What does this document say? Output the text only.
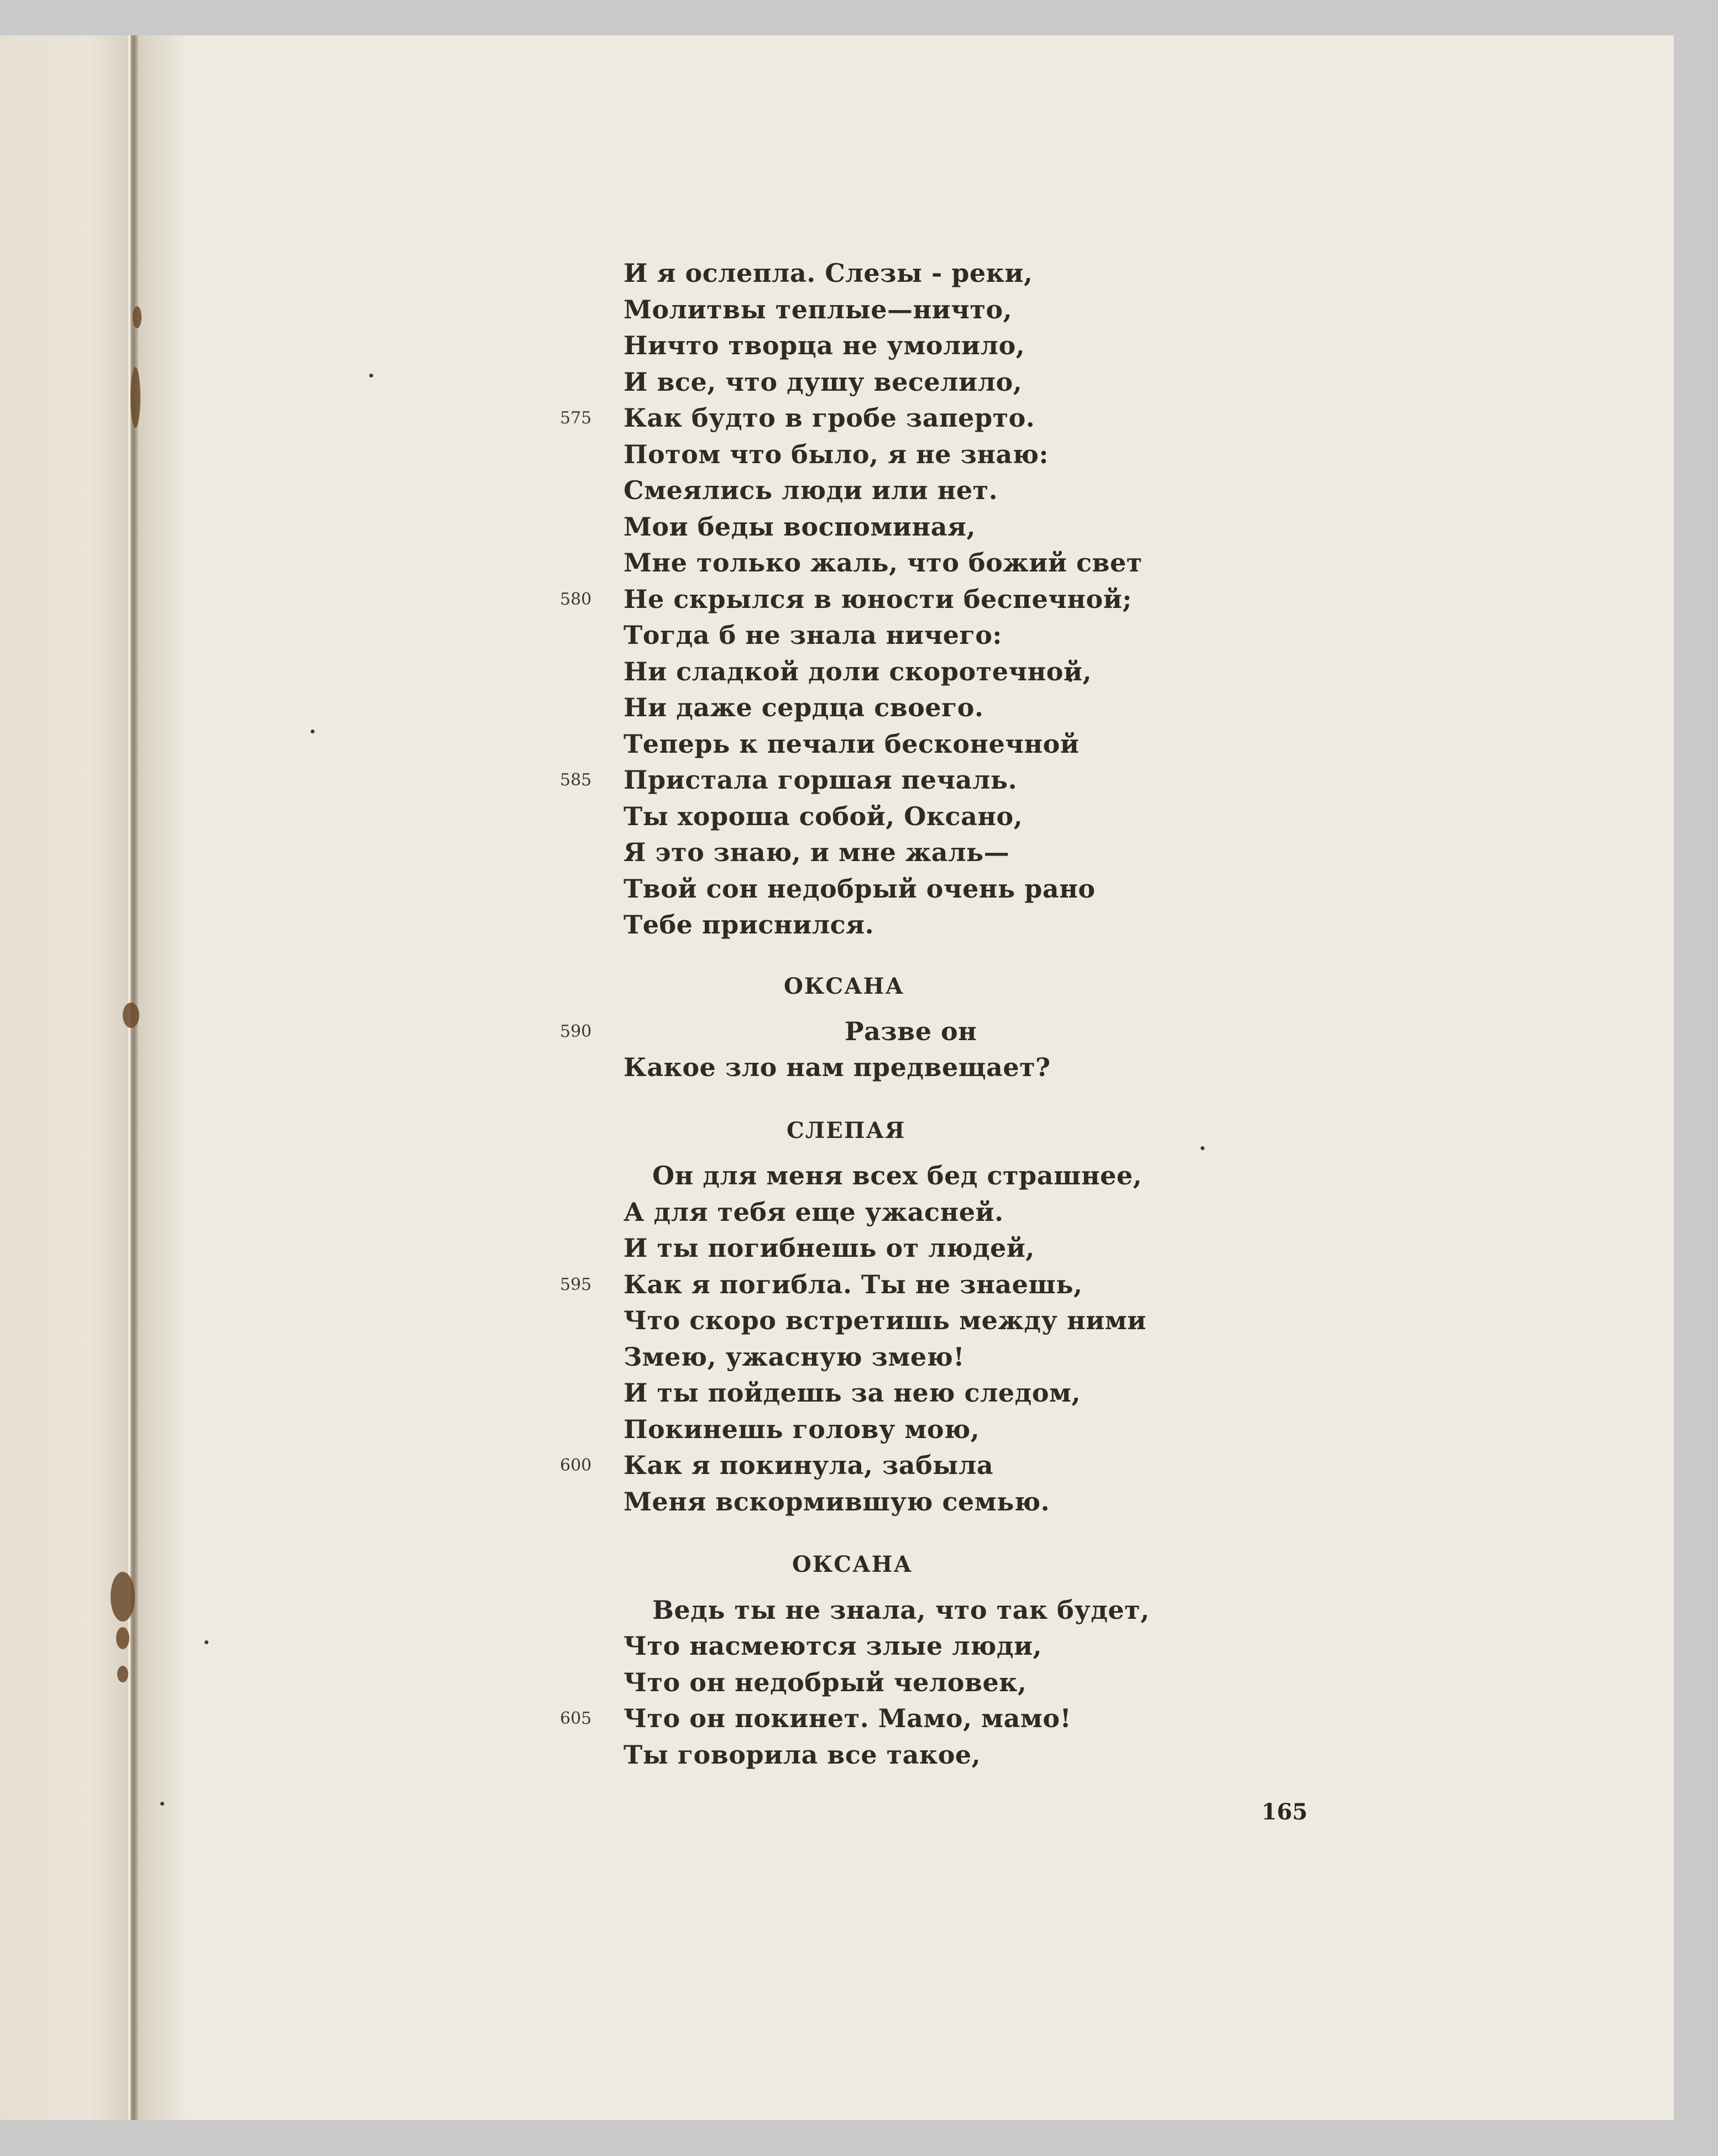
И я ослепла. Слезы - реки,
Молитвы теплые—ничто,
Ничто творца не умолило,
И все, что душу веселило,
Как будто в гробе заперто.
575
Потом что было, я не знаю:
Смеялись люди или нет.
Мои беды воспоминая,
Мне только жаль, что божий свет
Не скрылся в юности беспечной;
580
Тогда б не знала ничего:
Ни сладкой доли скоротечной,
Ни даже сердца своего.
Теперь к печали бесконечной
Пристала горшая печаль.
585
Ты хороша собой, Оксано,
Я это знаю, и мне жаль—
Твой сон недобрый очень рано
Тебе приснился.
ОКСАНА
Разве он
590
Какое зло нам предвещает?
СЛЕПАЯ
Он для меня всех бед страшнее,
А для тебя еще ужасней.
И ты погибнешь от людей,
Как я погибла. Ты не знаешь,
595
Что скоро встретишь между ними
Змею, ужасную змею!
И ты пойдешь за нею следом,
Покинешь голову мою,
Как я покинула, забыла
600
Меня вскормившую семью.
ОКСАНА
Ведь ты не знала, что так будет,
Что насмеются злые люди,
Что он недобрый человек,
Что он покинет. Мамо, мамо!
605
Ты говорила все такое,
165
